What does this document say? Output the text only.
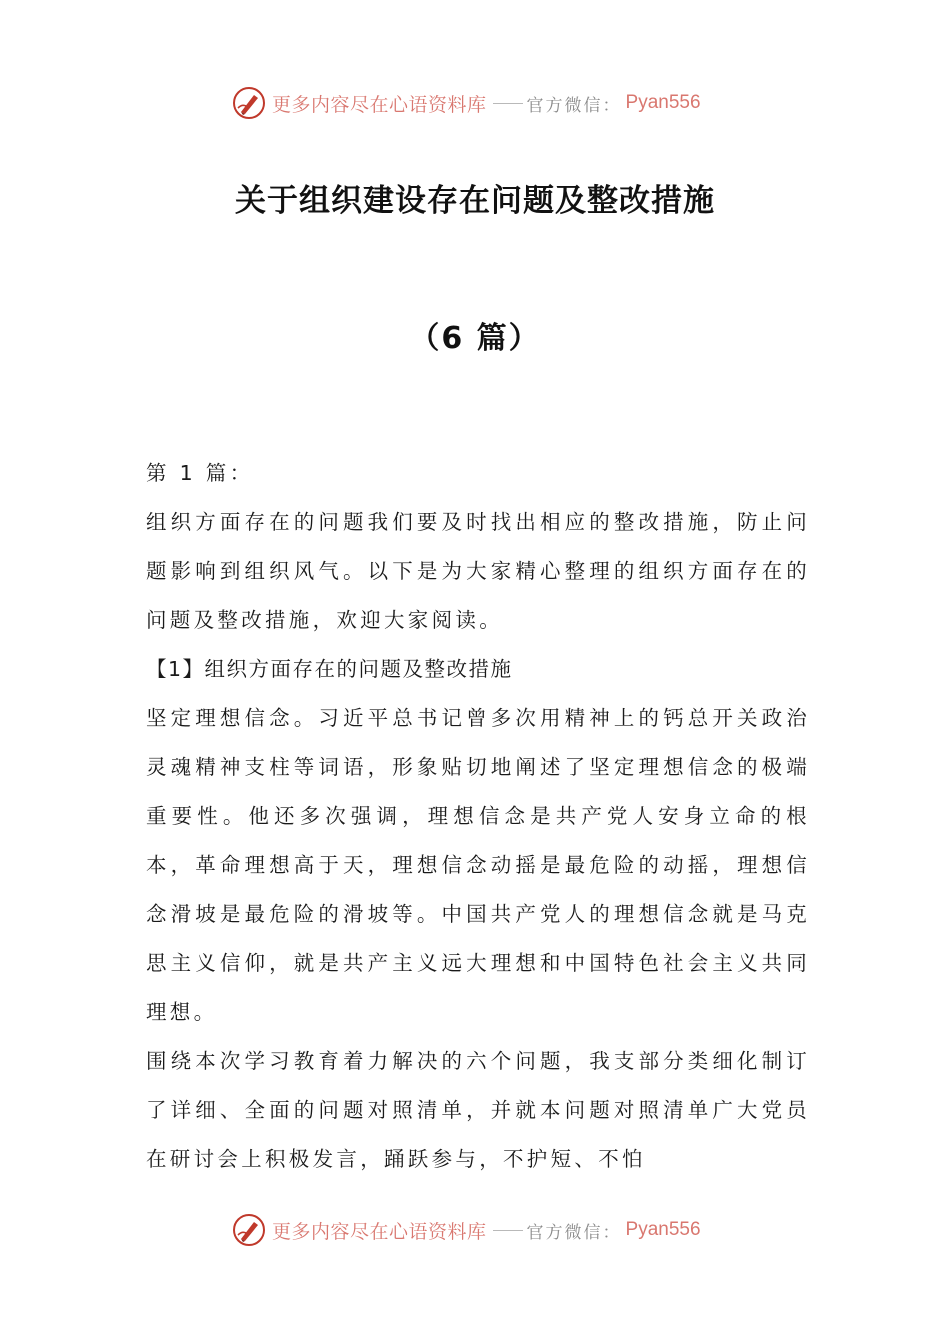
更多内容尽在心语资料库 官方微信： Pyan556
关于组织建设存在问题及整改措施
（6 篇）

第 1 篇：

组织方面存在的问题我们要及时找出相应的整改措施，防止问题影响到组织风气。以下是为大家精心整理的组织方面存在的问题及整改措施，欢迎大家阅读。

【1】组织方面存在的问题及整改措施

坚定理想信念。习近平总书记曾多次用精神上的钙总开关政治灵魂精神支柱等词语，形象贴切地阐述了坚定理想信念的极端重要性。他还多次强调，理想信念是共产党人安身立命的根本，革命理想高于天，理想信念动摇是最危险的动摇，理想信念滑坡是最危险的滑坡等。中国共产党人的理想信念就是马克思主义信仰，就是共产主义远大理想和中国特色社会主义共同理想。

围绕本次学习教育着力解决的六个问题，我支部分类细化制订了详细、全面的问题对照清单，并就本问题对照清单广大党员在研讨会上积极发言，踊跃参与，不护短、不怕

更多内容尽在心语资料库 官方微信： Pyan556
